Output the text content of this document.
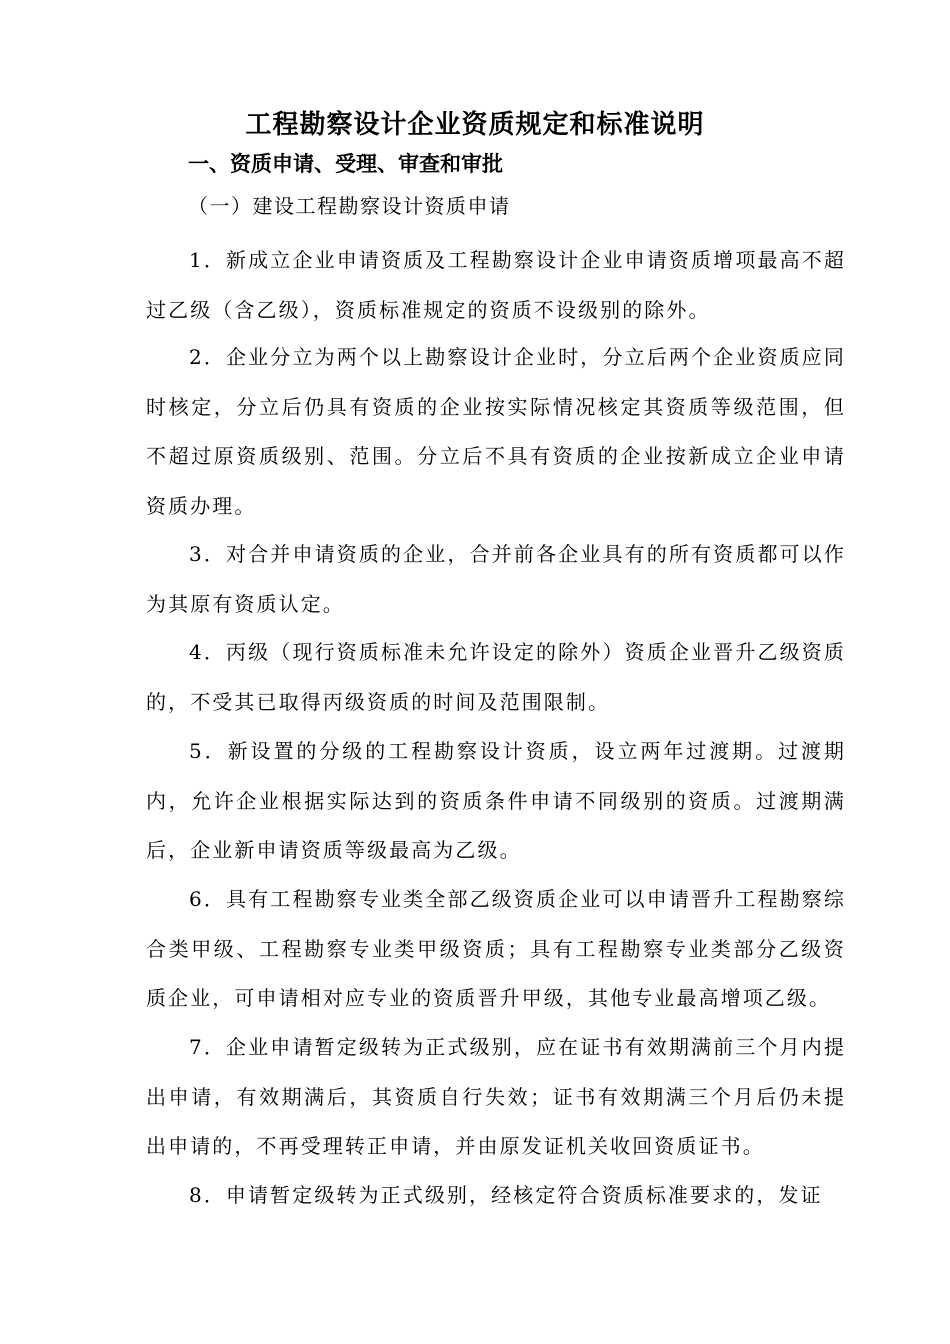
工程勘察设计企业资质规定和标准说明
一、资质申请、受理、审查和审批
（一）建设工程勘察设计资质申请
1．新成立企业申请资质及工程勘察设计企业申请资质增项最高不超过乙级（含乙级），资质标准规定的资质不设级别的除外。
2．企业分立为两个以上勘察设计企业时，分立后两个企业资质应同时核定，分立后仍具有资质的企业按实际情况核定其资质等级范围，但不超过原资质级别、范围。分立后不具有资质的企业按新成立企业申请资质办理。
3．对合并申请资质的企业，合并前各企业具有的所有资质都可以作为其原有资质认定。
4．丙级（现行资质标准未允许设定的除外）资质企业晋升乙级资质的，不受其已取得丙级资质的时间及范围限制。
5．新设置的分级的工程勘察设计资质，设立两年过渡期。过渡期内，允许企业根据实际达到的资质条件申请不同级别的资质。过渡期满后，企业新申请资质等级最高为乙级。
6．具有工程勘察专业类全部乙级资质企业可以申请晋升工程勘察综合类甲级、工程勘察专业类甲级资质；具有工程勘察专业类部分乙级资质企业，可申请相对应专业的资质晋升甲级，其他专业最高增项乙级。
7．企业申请暂定级转为正式级别，应在证书有效期满前三个月内提出申请，有效期满后，其资质自行失效；证书有效期满三个月后仍未提出申请的，不再受理转正申请，并由原发证机关收回资质证书。
8．申请暂定级转为正式级别，经核定符合资质标准要求的，发证
